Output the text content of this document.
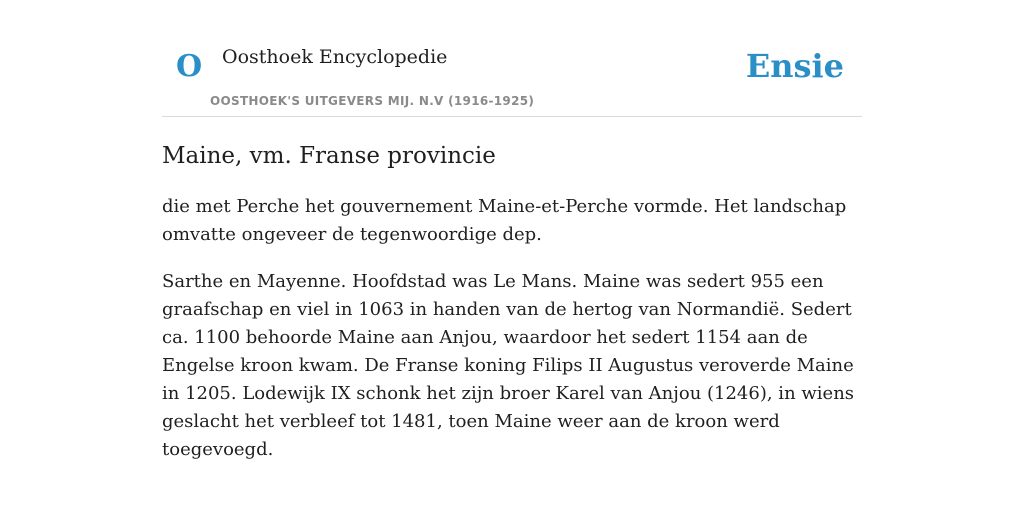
O Oosthoek Encyclopedie
OOSTHOEK'S UITGEVERS MIJ. N.V (1916-1925)
Ensie
Maine, vm. Franse provincie

die met Perche het gouvernement Maine-et-Perche vormde. Het landschap omvatte ongeveer de tegenwoordige dep.

Sarthe en Mayenne. Hoofdstad was Le Mans. Maine was sedert 955 een graafschap en viel in 1063 in handen van de hertog van Normandië. Sedert ca. 1100 behoorde Maine aan Anjou, waardoor het sedert 1154 aan de Engelse kroon kwam. De Franse koning Filips II Augustus veroverde Maine in 1205. Lodewijk IX schonk het zijn broer Karel van Anjou (1246), in wiens geslacht het verbleef tot 1481, toen Maine weer aan de kroon werd toegevoegd.
